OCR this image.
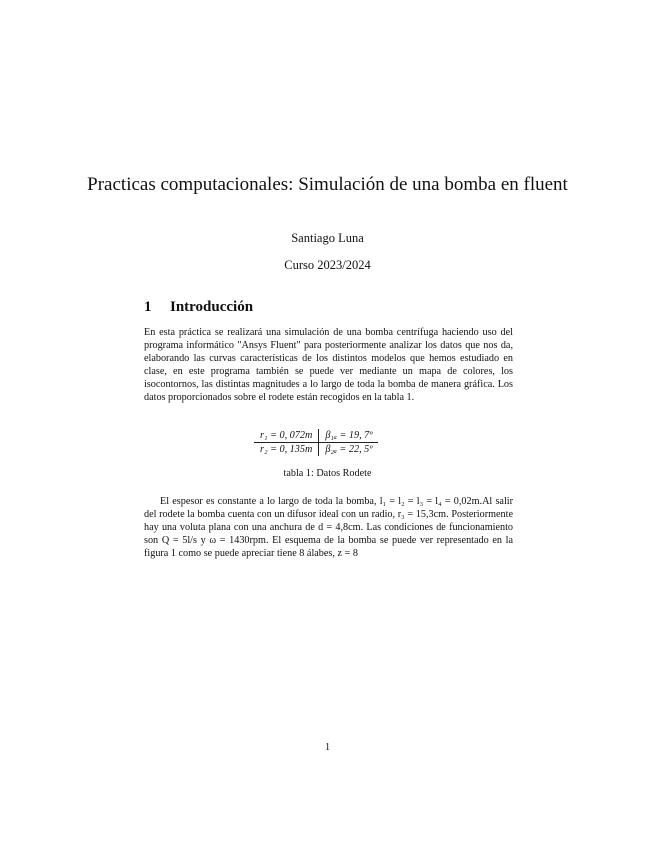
Practicas computacionales: Simulación de una bomba en fluent
Santiago Luna
Curso 2023/2024
1 Introducción
En esta práctica se realizará una simulación de una bomba centrífuga haciendo uso del programa informático "Ansys Fluent" para posteriormente analizar los datos que nos da, elaborando las curvas características de los distintos modelos que hemos estudiado en clase, en este programa también se puede ver mediante un mapa de colores, los isocontornos, las distintas magnitudes a lo largo de toda la bomba de manera gráfica. Los datos proporcionados sobre el rodete están recogidos en la tabla 1.
r₁ = 0, 072m	β₁ₐ = 19, 7º
r₂ = 0, 135m	β₂ₐ = 22, 5º
tabla 1: Datos Rodete
El espesor es constante a lo largo de toda la bomba, l₁ = l₂ = l₃ = l₄ = 0,02m.Al salir del rodete la bomba cuenta con un difusor ideal con un radio, r₃ = 15,3cm. Posteriormente hay una voluta plana con una anchura de d = 4,8cm. Las condiciones de funcionamiento son Q = 5l/s y ω = 1430rpm. El esquema de la bomba se puede ver representado en la figura 1 como se puede apreciar tiene 8 álabes, z = 8
1
